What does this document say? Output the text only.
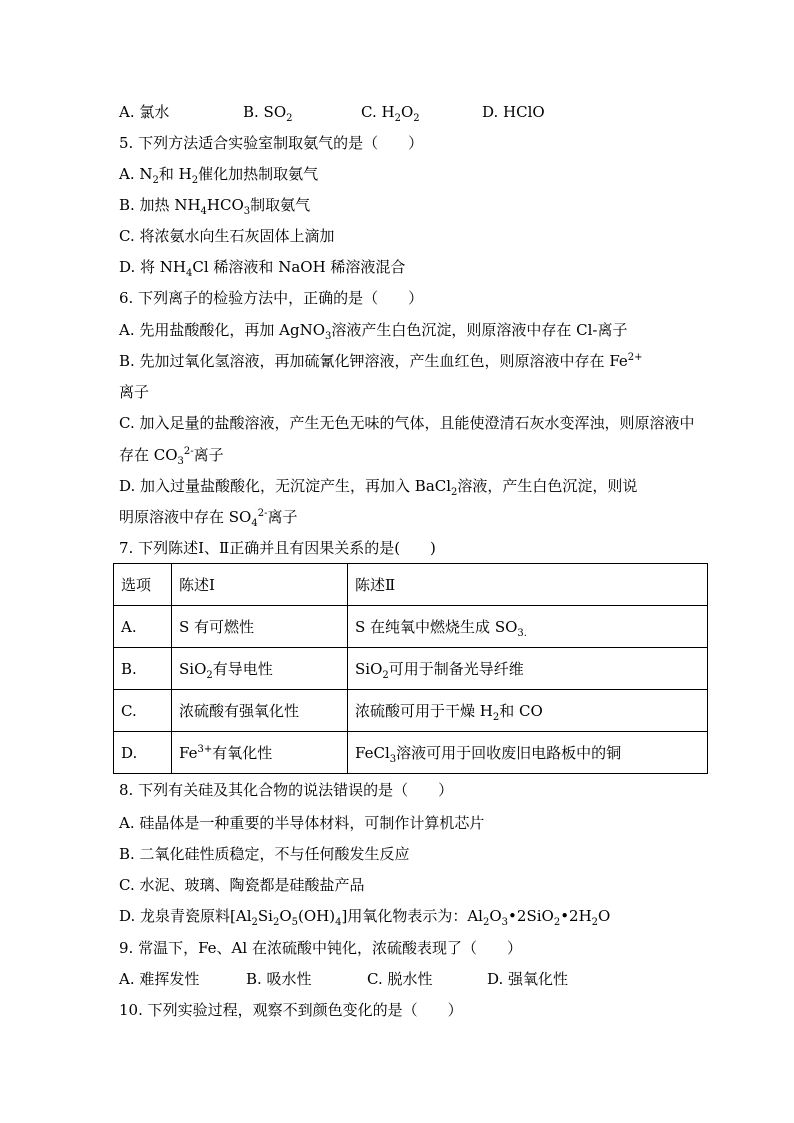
A. 氯水	B. $SO_2$	C. $H_2O_2$	D. HClO
5. 下列方法适合实验室制取氨气的是（　　）
A. $N_2$和 $H_2$催化加热制取氨气
B. 加热 $NH_4HCO_3$制取氨气
C. 将浓氨水向生石灰固体上滴加
D. 将 $NH_4Cl$ 稀溶液和 NaOH 稀溶液混合
6. 下列离子的检验方法中，正确的是（　　）
A. 先用盐酸酸化，再加 AgNO$_3$溶液产生白色沉淀，则原溶液中存在 Cl-离子
B. 先加过氧化氢溶液，再加硫氰化钾溶液，产生血红色，则原溶液中存在 $Fe^{2+}$
离子
C. 加入足量的盐酸溶液，产生无色无味的气体，且能使澄清石灰水变浑浊，则原溶液中
存在 $CO_3^{2-}$离子
D. 加入过量盐酸酸化，无沉淀产生，再加入 BaCl$_2$溶液，产生白色沉淀，则说
明原溶液中存在 $SO_4^{2-}$离子
7. 下列陈述Ⅰ、Ⅱ正确并且有因果关系的是(　　)
选项	陈述Ⅰ	陈述Ⅱ
A.	S 有可燃性	S 在纯氧中燃烧生成 $SO_{3.}$
B.	SiO$_2$有导电性	SiO$_2$可用于制备光导纤维
C.	浓硫酸有强氧化性	浓硫酸可用于干燥 $H_2$和 CO
D.	$Fe^{3+}$有氧化性	FeCl$_3$溶液可用于回收废旧电路板中的铜
8. 下列有关硅及其化合物的说法错误的是（　　）
A. 硅晶体是一种重要的半导体材料，可制作计算机芯片
B. 二氧化硅性质稳定，不与任何酸发生反应
C. 水泥、玻璃、陶瓷都是硅酸盐产品
D. 龙泉青瓷原料$[Al_2Si_2O_5(OH)_4]$用氧化物表示为：$Al_2O_3•2SiO_2•2H_2O$
9. 常温下，Fe、Al 在浓硫酸中钝化，浓硫酸表现了（　　）
A. 难挥发性	B. 吸水性	C. 脱水性	D. 强氧化性
10. 下列实验过程，观察不到颜色变化的是（　　）
